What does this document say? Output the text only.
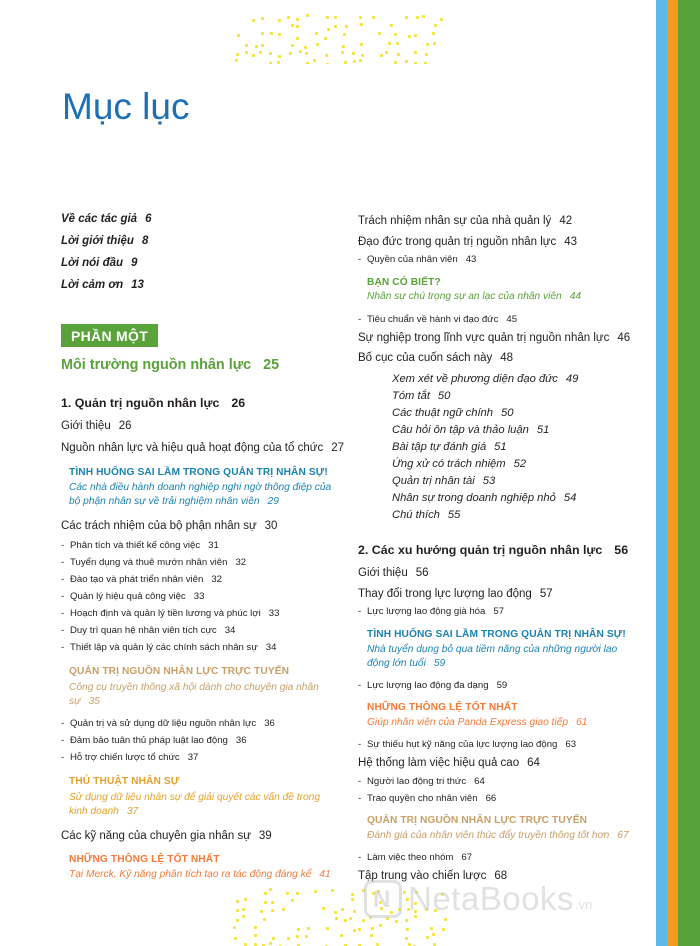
Mục lục
Về các tác giả 6
Lời giới thiệu 8
Lời nói đầu 9
Lời cảm ơn 13
PHẦN MỘT
Môi trường nguồn nhân lực 25
1. Quản trị nguồn nhân lực 26
Giới thiệu 26
Nguồn nhân lực và hiệu quả hoạt động của tổ chức 27
TÌNH HUỐNG SAI LẦM TRONG QUẢN TRỊ NHÂN SỰ!
Các nhà điều hành doanh nghiệp nghi ngờ thông điệp của
bộ phận nhân sự về trải nghiệm nhân viên 29
Các trách nhiệm của bộ phận nhân sự 30
- Phân tích và thiết kế công việc 31
- Tuyển dụng và thuê mướn nhân viên 32
- Đào tạo và phát triển nhân viên 32
- Quản lý hiệu quả công việc 33
- Hoạch định và quản lý tiền lương và phúc lợi 33
- Duy trì quan hệ nhân viên tích cực 34
- Thiết lập và quản lý các chính sách nhân sự 34
QUẢN TRỊ NGUỒN NHÂN LỰC TRỰC TUYẾN
Công cụ truyền thông xã hội dành cho chuyên gia nhân
sự 35
- Quản trị và sử dụng dữ liệu nguồn nhân lực 36
- Đảm bảo tuân thủ pháp luật lao động 36
- Hỗ trợ chiến lược tổ chức 37
THỦ THUẬT NHÂN SỰ
Sử dụng dữ liệu nhân sự để giải quyết các vấn đề trong
kinh doanh 37
Các kỹ năng của chuyên gia nhân sự 39
NHỮNG THÔNG LỆ TỐT NHẤT
Tại Merck, Kỹ năng phân tích tạo ra tác động đáng kể 41
Trách nhiệm nhân sự của nhà quản lý 42
Đạo đức trong quản trị nguồn nhân lực 43
- Quyền của nhân viên 43
BẠN CÓ BIẾT?
Nhân sự chú trọng sự an lạc của nhân viên 44
- Tiêu chuẩn về hành vi đạo đức 45
Sự nghiệp trong lĩnh vực quản trị nguồn nhân lực 46
Bố cục của cuốn sách này 48
Xem xét về phương diện đạo đức 49
Tóm tắt 50
Các thuật ngữ chính 50
Câu hỏi ôn tập và thảo luận 51
Bài tập tự đánh giá 51
Ứng xử có trách nhiệm 52
Quản trị nhân tài 53
Nhân sự trong doanh nghiệp nhỏ 54
Chú thích 55
2. Các xu hướng quản trị nguồn nhân lực 56
Giới thiệu 56
Thay đổi trong lực lượng lao động 57
- Lực lượng lao động già hóa 57
TÌNH HUỐNG SAI LẦM TRONG QUẢN TRỊ NHÂN SỰ!
Nhà tuyển dụng bỏ qua tiềm năng của những người lao
động lớn tuổi 59
- Lực lượng lao động đa dạng 59
NHỮNG THÔNG LỆ TỐT NHẤT
Giúp nhân viên của Panda Express giao tiếp 61
- Sự thiếu hụt kỹ năng của lực lượng lao động 63
Hệ thống làm việc hiệu quả cao 64
- Người lao động tri thức 64
- Trao quyền cho nhân viên 66
QUẢN TRỊ NGUỒN NHÂN LỰC TRỰC TUYẾN
Đánh giá của nhân viên thúc đẩy truyền thông tốt hơn 67
- Làm việc theo nhóm 67
Tập trung vào chiến lược 68
N NetaBooks .vn
